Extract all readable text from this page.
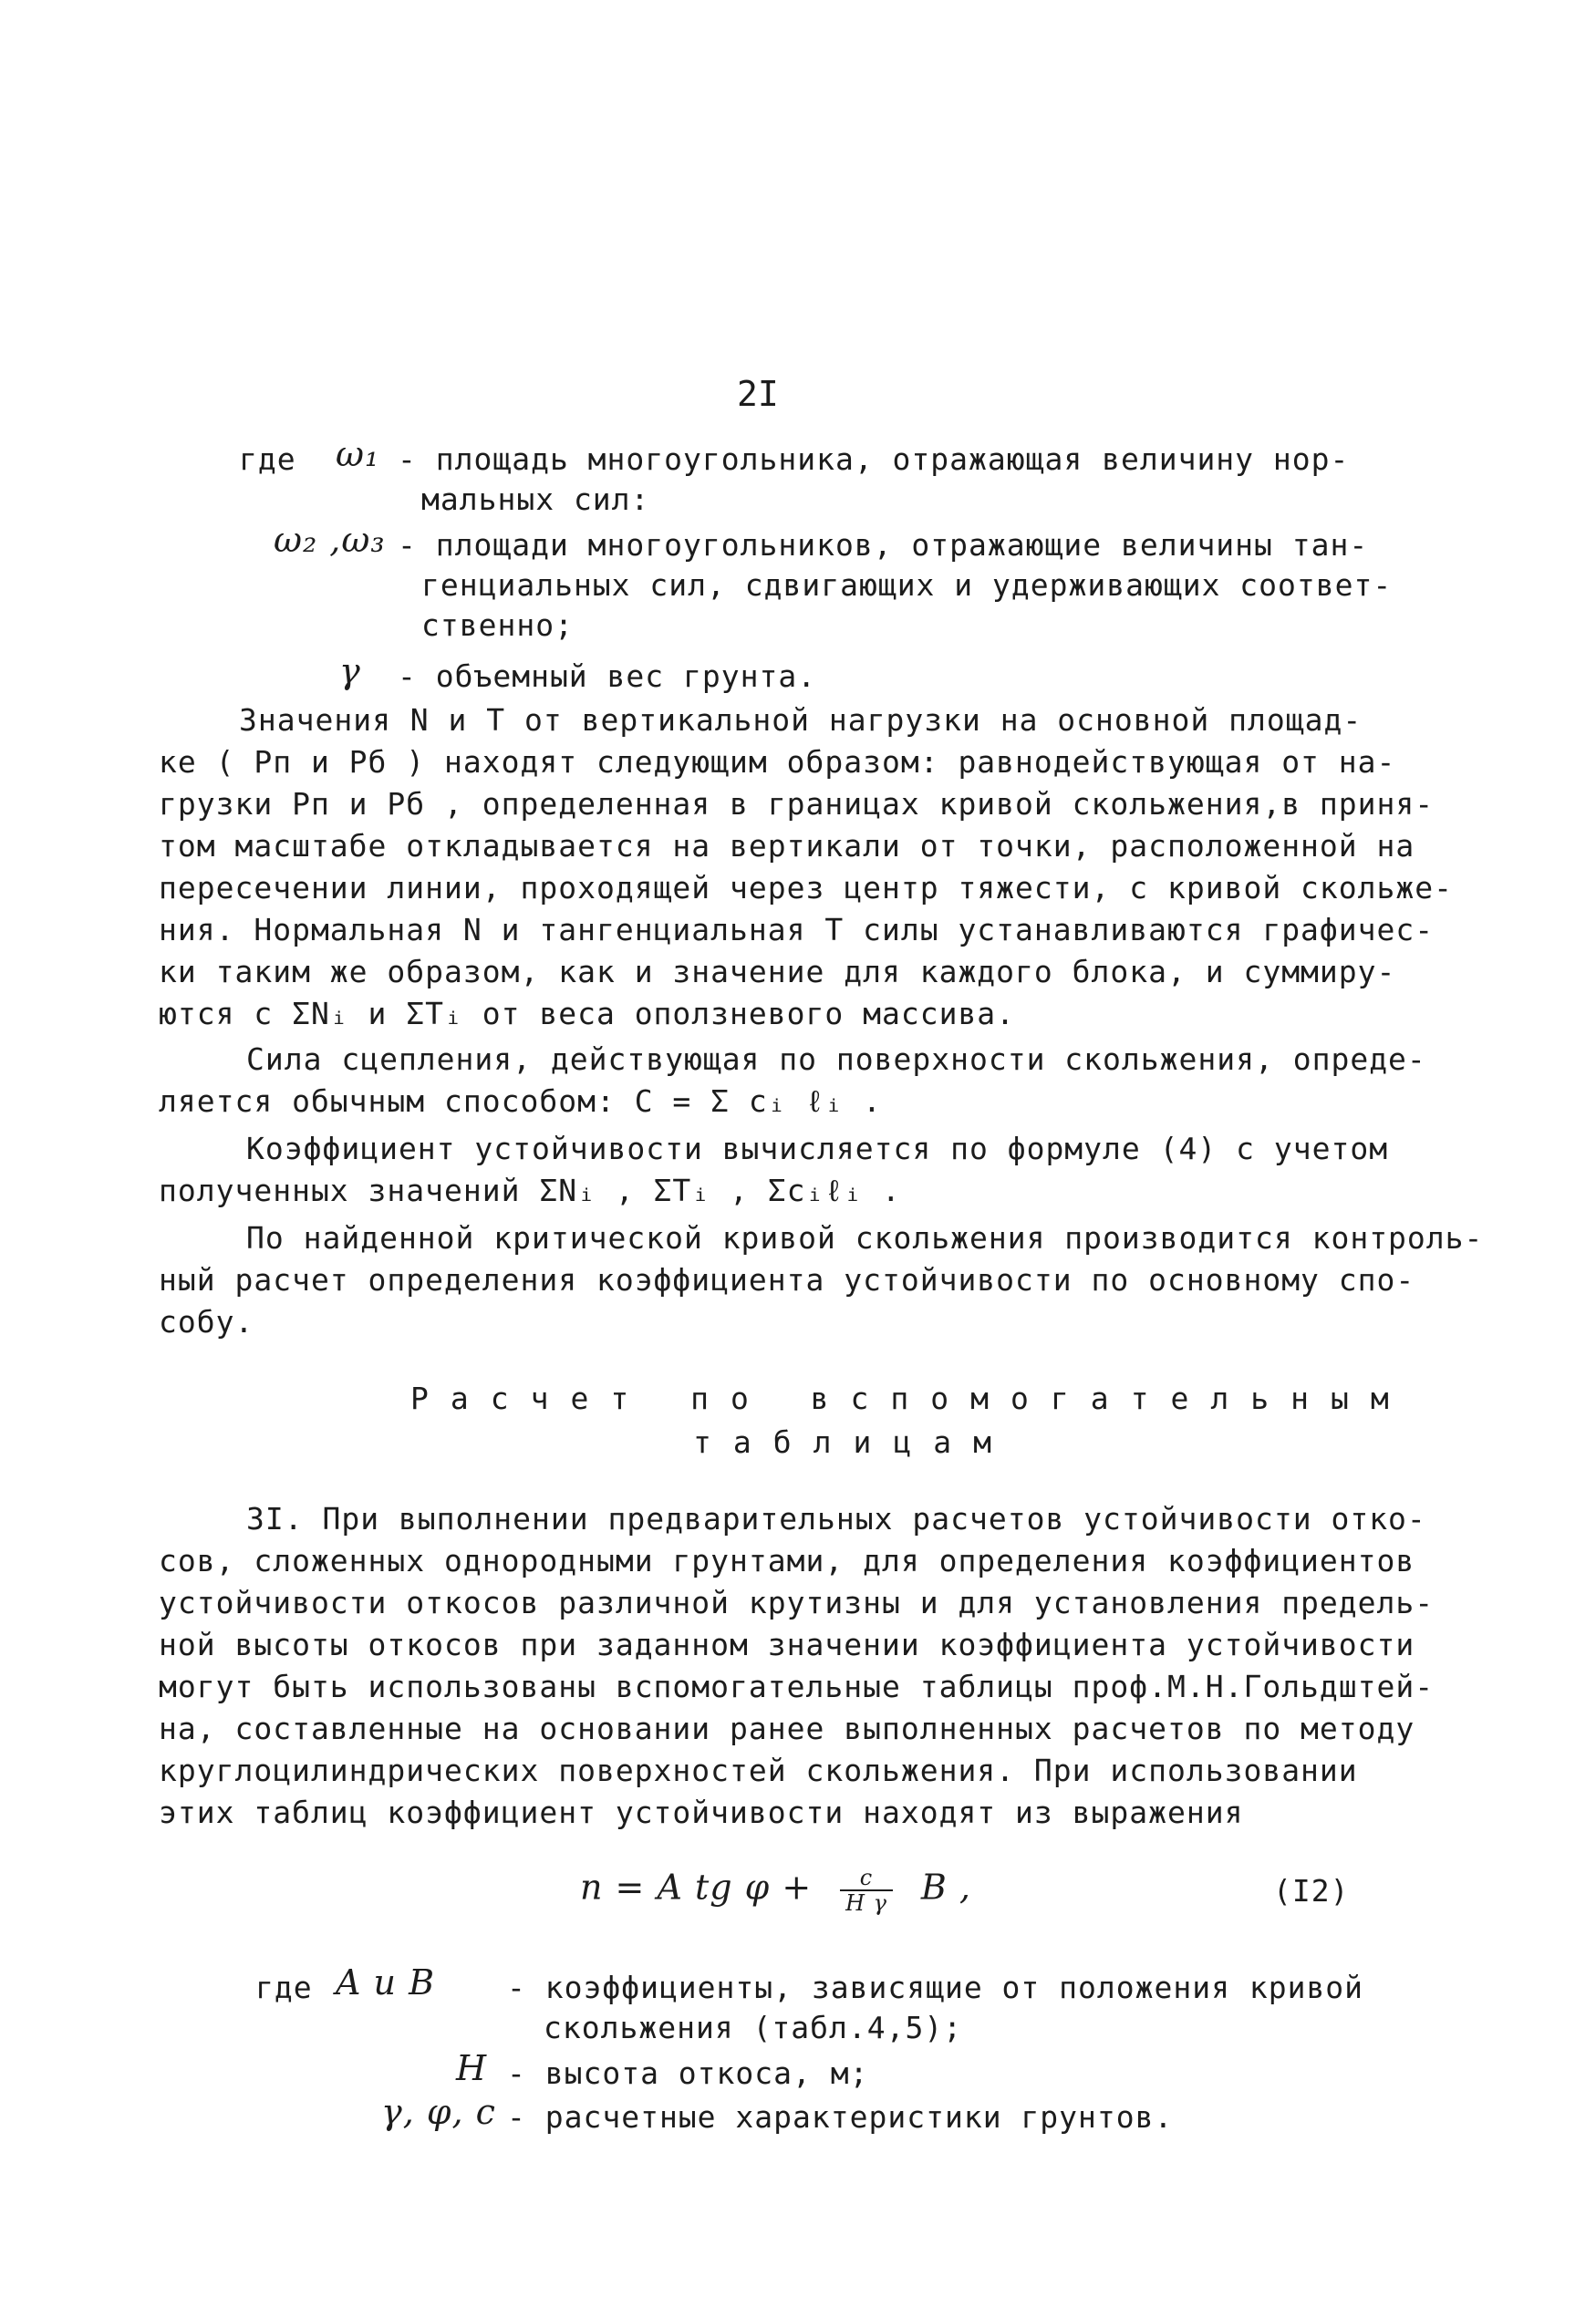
2I
где ω₁ - площадь многоугольника, отражающая величину нор-
мальных сил:
ω₂ ,ω₃ - площади многоугольников, отражающие величины тан-
генциальных сил, сдвигающих и удерживающих соответ-
ственно;
γ - объемный вес грунта.
Значения N и T от вертикальной нагрузки на основной площад-
ке ( Pп и Pб ) находят следующим образом: равнодействующая от на-
грузки Pп и Pб , определенная в границах кривой скольжения,в приня-
том масштабе откладывается на вертикали от точки, расположенной на
пересечении линии, проходящей через центр тяжести, с кривой скольже-
ния. Нормальная N и тангенциальная T силы устанавливаются графичес-
ки таким же образом, как и значение для каждого блока, и суммиру-
ются с ΣNᵢ и ΣTᵢ от веса оползневого массива.
Сила сцепления, действующая по поверхности скольжения, опреде-
ляется обычным способом: C = Σ cᵢ ℓᵢ .
Коэффициент устойчивости вычисляется по формуле (4) с учетом
полученных значений ΣNᵢ , ΣTᵢ , Σcᵢℓᵢ .
По найденной критической кривой скольжения производится контроль-
ный расчет определения коэффициента устойчивости по основному спо-
собу.
Расчет по вспомогательным
таблицам
3I. При выполнении предварительных расчетов устойчивости отко-
сов, сложенных однородными грунтами, для определения коэффициентов
устойчивости откосов различной крутизны и для установления предель-
ной высоты откосов при заданном значении коэффициента устойчивости
могут быть использованы вспомогательные таблицы проф.М.Н.Гольдштей-
на, составленные на основании ранее выполненных расчетов по методу
круглоцилиндрических поверхностей скольжения. При использовании
этих таблиц коэффициент устойчивости находят из выражения
n = A tg $\varphi + \frac{c}{\text{H γ}}$ B ,	(I2)
где A и B - коэффициенты, зависящие от положения кривой
скольжения (табл.4,5);
H - высота откоса, м;
γ, φ, c - расчетные характеристики грунтов.
